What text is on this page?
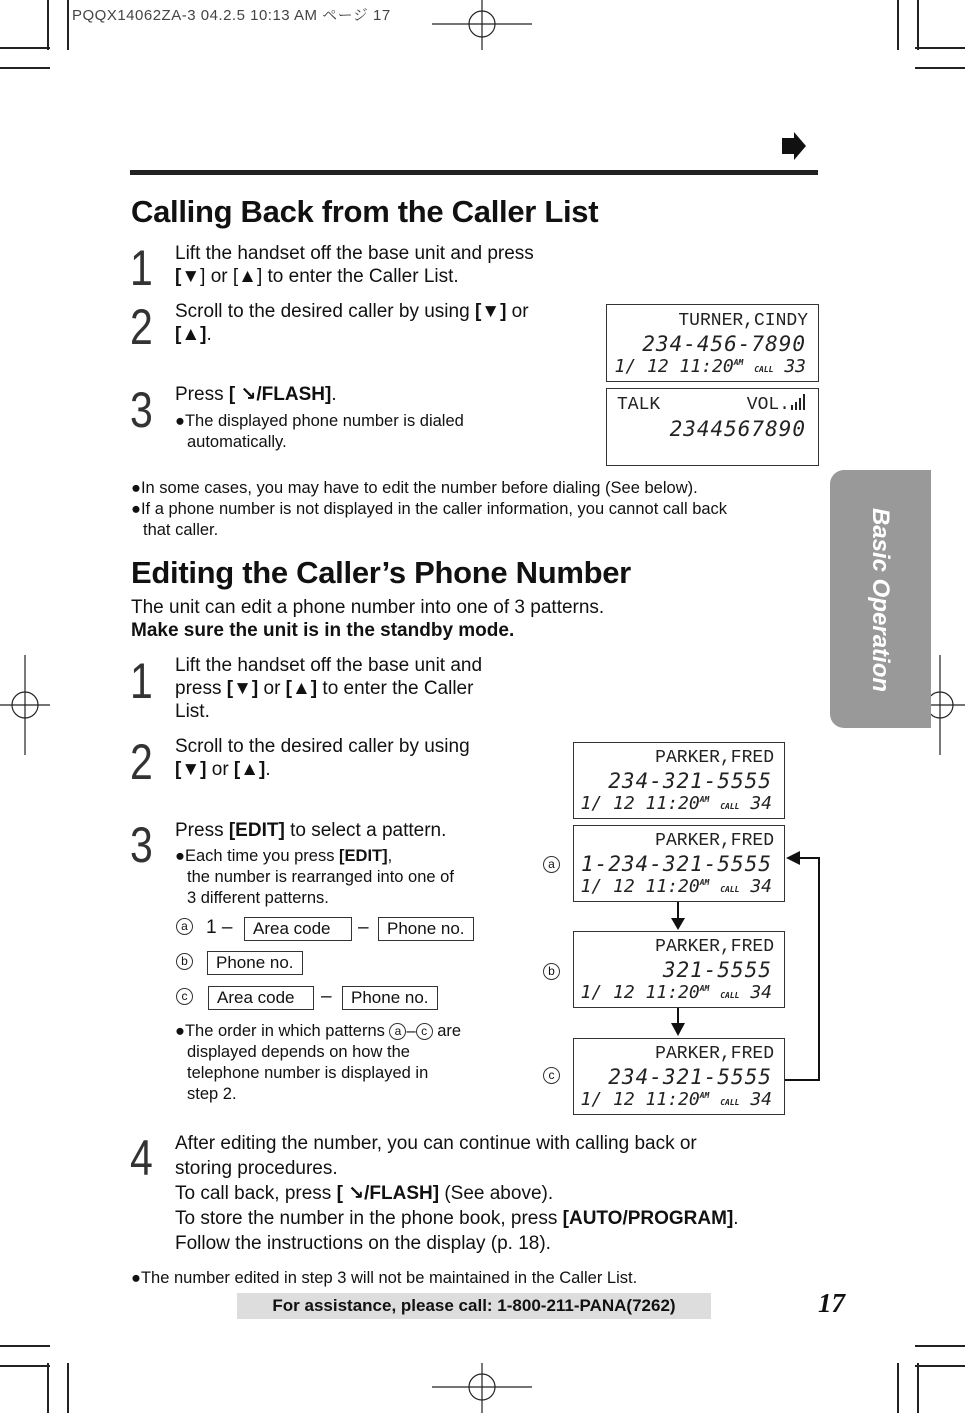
PQQX14062ZA-3 04.2.5 10:13 AM ページ 17
Calling Back from the Caller List
1 Lift the handset off the base unit and press
[▼] or [▲] to enter the Caller List.
2 Scroll to the desired caller by using [▼] or
[▲].
3 Press [ ↘/FLASH].
●The displayed phone number is dialed
automatically.
TURNER,CINDY
234-456-7890
1/ 12 $11:20^{AM}$ CALL 33
TALK	VOL.
2344567890
●In some cases, you may have to edit the number before dialing (See below).
●If a phone number is not displayed in the caller information, you cannot call back
that caller.
Editing the Caller’s Phone Number
The unit can edit a phone number into one of 3 patterns.
Make sure the unit is in the standby mode.
1 Lift the handset off the base unit and
press [▼] or [▲] to enter the Caller
List.
2 Scroll to the desired caller by using
[▼] or [▲].
3 Press [EDIT] to select a pattern.
●Each time you press [EDIT],
the number is rearranged into one of
3 different patterns.
a 1 –	Area code	–	Phone no.
b	Phone no.
c	Area code	–	Phone no.
●The order in which patterns a – c are
displayed depends on how the
telephone number is displayed in
step 2.
PARKER,FRED
234-321-5555
1/ 12 $11:20^{AM}$ CALL 34
PARKER,FRED
1-234-321-5555
1/ 12 $11:20^{AM}$ CALL 34
PARKER,FRED
321-5555
1/ 12 $11:20^{AM}$ CALL 34
PARKER,FRED
234-321-5555
1/ 12 $11:20^{AM}$ CALL 34
a
b
c
4 After editing the number, you can continue with calling back or
storing procedures.
To call back, press [ ↘/FLASH] (See above).
To store the number in the phone book, press [AUTO/PROGRAM].
Follow the instructions on the display (p. 18).
●The number edited in step 3 will not be maintained in the Caller List.
Basic Operation
For assistance, please call: 1-800-211-PANA(7262)	17
